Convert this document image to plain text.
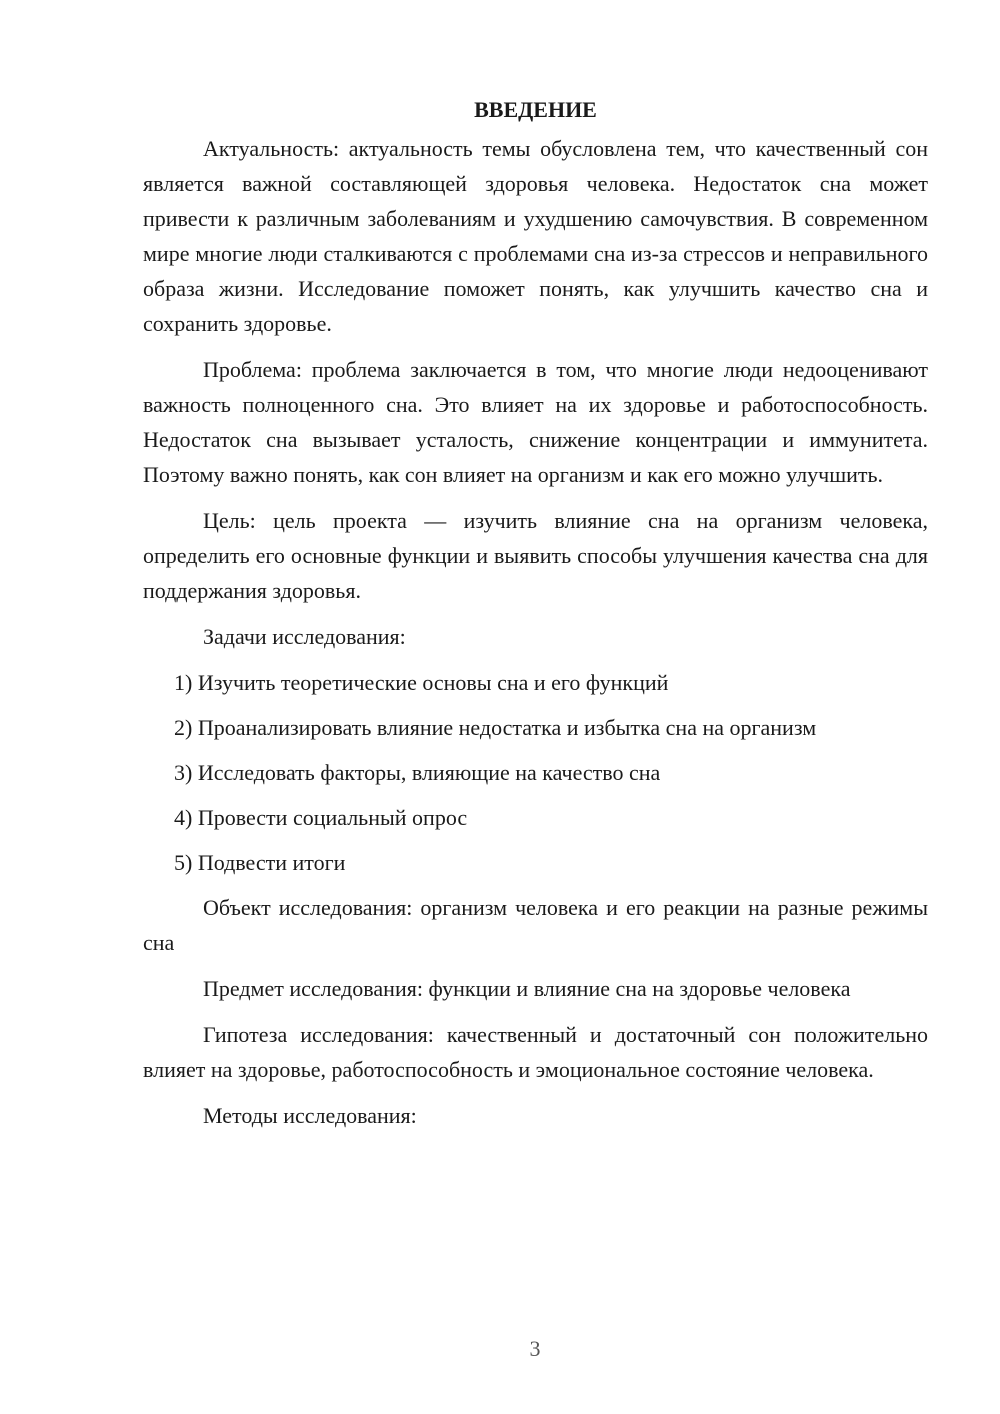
ВВЕДЕНИЕ

Актуальность: актуальность темы обусловлена тем, что качественный сон является важной составляющей здоровья человека. Недостаток сна может привести к различным заболеваниям и ухудшению самочувствия. В современном мире многие люди сталкиваются с проблемами сна из-за стрессов и неправильного образа жизни. Исследование поможет понять, как улучшить качество сна и сохранить здоровье.

Проблема: проблема заключается в том, что многие люди недооценивают важность полноценного сна. Это влияет на их здоровье и работоспособность. Недостаток сна вызывает усталость, снижение концентрации и иммунитета. Поэтому важно понять, как сон влияет на организм и как его можно улучшить.

Цель: цель проекта — изучить влияние сна на организм человека, определить его основные функции и выявить способы улучшения качества сна для поддержания здоровья.

Задачи исследования:

1) Изучить теоретические основы сна и его функций
2) Проанализировать влияние недостатка и избытка сна на организм
3) Исследовать факторы, влияющие на качество сна
4) Провести социальный опрос
5) Подвести итоги

Объект исследования: организм человека и его реакции на разные режимы сна

Предмет исследования: функции и влияние сна на здоровье человека

Гипотеза исследования: качественный и достаточный сон положительно влияет на здоровье, работоспособность и эмоциональное состояние человека.

Методы исследования:

3
